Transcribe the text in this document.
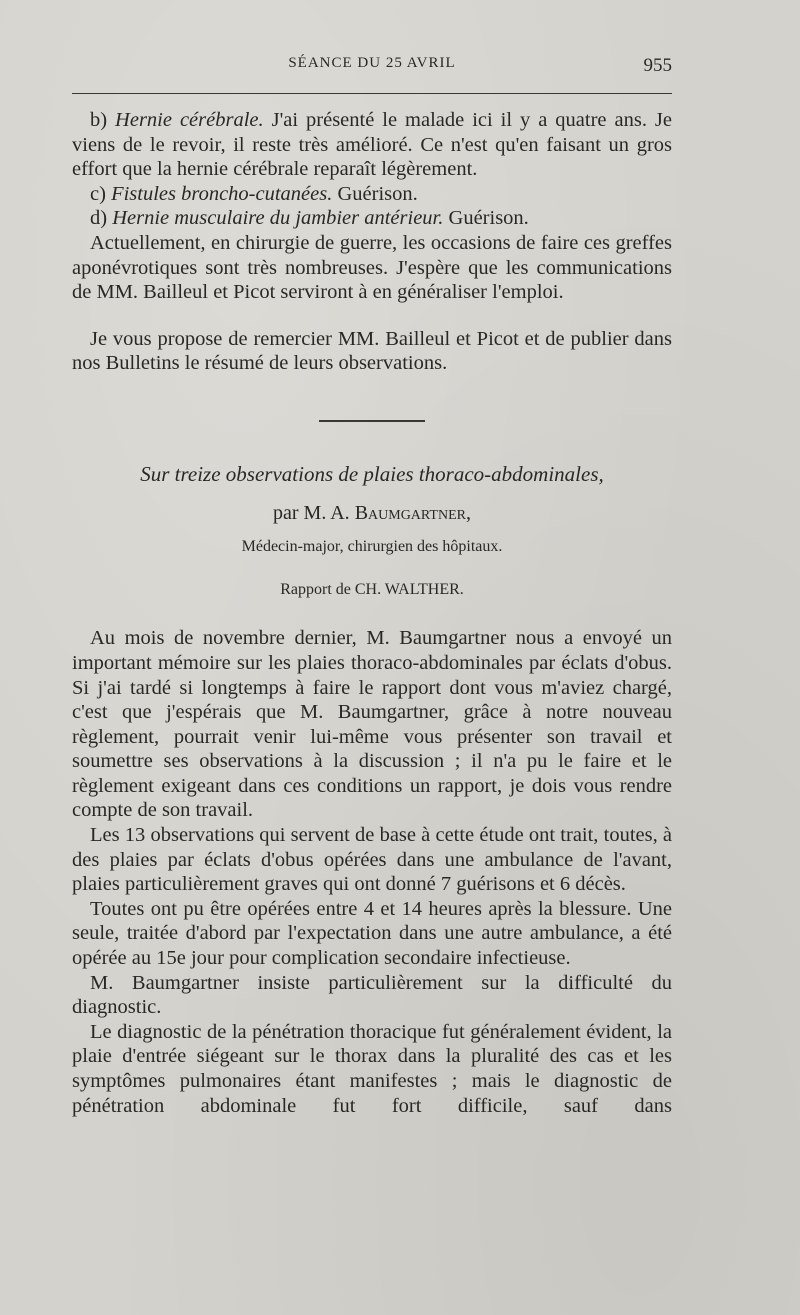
SÉANCE DU 25 AVRIL	955

b) Hernie cérébrale. J'ai présenté le malade ici il y a quatre ans. Je viens de le revoir, il reste très amélioré. Ce n'est qu'en faisant un gros effort que la hernie cérébrale reparaît légèrement.

c) Fistules broncho-cutanées. Guérison.

d) Hernie musculaire du jambier antérieur. Guérison.

Actuellement, en chirurgie de guerre, les occasions de faire ces greffes aponévrotiques sont très nombreuses. J'espère que les communications de MM. Bailleul et Picot serviront à en généraliser l'emploi.

Je vous propose de remercier MM. Bailleul et Picot et de publier dans nos Bulletins le résumé de leurs observations.

Sur treize observations de plaies thoraco-abdominales,
par M. A. Baumgartner,
Médecin-major, chirurgien des hôpitaux.
Rapport de CH. WALTHER.

Au mois de novembre dernier, M. Baumgartner nous a envoyé un important mémoire sur les plaies thoraco-abdominales par éclats d'obus. Si j'ai tardé si longtemps à faire le rapport dont vous m'aviez chargé, c'est que j'espérais que M. Baumgartner, grâce à notre nouveau règlement, pourrait venir lui-même vous présenter son travail et soumettre ses observations à la discussion ; il n'a pu le faire et le règlement exigeant dans ces conditions un rapport, je dois vous rendre compte de son travail.

Les 13 observations qui servent de base à cette étude ont trait, toutes, à des plaies par éclats d'obus opérées dans une ambulance de l'avant, plaies particulièrement graves qui ont donné 7 guérisons et 6 décès.

Toutes ont pu être opérées entre 4 et 14 heures après la blessure. Une seule, traitée d'abord par l'expectation dans une autre ambulance, a été opérée au 15e jour pour complication secondaire infectieuse.

M. Baumgartner insiste particulièrement sur la difficulté du diagnostic.

Le diagnostic de la pénétration thoracique fut généralement évident, la plaie d'entrée siégeant sur le thorax dans la pluralité des cas et les symptômes pulmonaires étant manifestes ; mais le diagnostic de pénétration abdominale fut fort difficile, sauf dans
